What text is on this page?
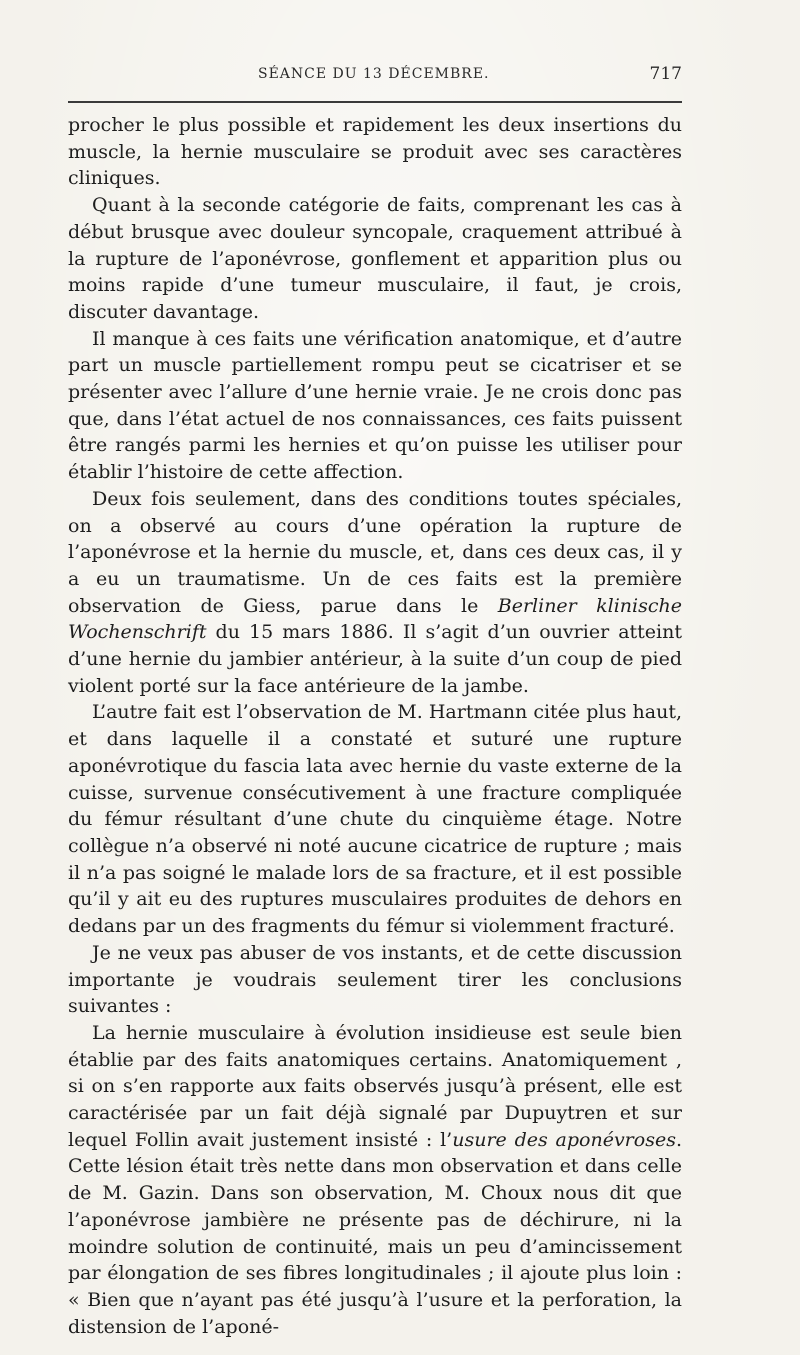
SÉANCE DU 13 DÉCEMBRE.	717

procher le plus possible et rapidement les deux insertions du muscle, la hernie musculaire se produit avec ses caractères cliniques.

Quant à la seconde catégorie de faits, comprenant les cas à début brusque avec douleur syncopale, craquement attribué à la rupture de l’aponévrose, gonflement et apparition plus ou moins rapide d’une tumeur musculaire, il faut, je crois, discuter davantage.

Il manque à ces faits une vérification anatomique, et d’autre part un muscle partiellement rompu peut se cicatriser et se présenter avec l’allure d’une hernie vraie. Je ne crois donc pas que, dans l’état actuel de nos connaissances, ces faits puissent être rangés parmi les hernies et qu’on puisse les utiliser pour établir l’histoire de cette affection.

Deux fois seulement, dans des conditions toutes spéciales, on a observé au cours d’une opération la rupture de l’aponévrose et la hernie du muscle, et, dans ces deux cas, il y a eu un traumatisme. Un de ces faits est la première observation de Giess, parue dans le Berliner klinische Wochenschrift du 15 mars 1886. Il s’agit d’un ouvrier atteint d’une hernie du jambier antérieur, à la suite d’un coup de pied violent porté sur la face antérieure de la jambe.

L’autre fait est l’observation de M. Hartmann citée plus haut, et dans laquelle il a constaté et suturé une rupture aponévrotique du fascia lata avec hernie du vaste externe de la cuisse, survenue consécutivement à une fracture compliquée du fémur résultant d’une chute du cinquième étage. Notre collègue n’a observé ni noté aucune cicatrice de rupture ; mais il n’a pas soigné le malade lors de sa fracture, et il est possible qu’il y ait eu des ruptures musculaires produites de dehors en dedans par un des fragments du fémur si violemment fracturé.

Je ne veux pas abuser de vos instants, et de cette discussion importante je voudrais seulement tirer les conclusions suivantes :

La hernie musculaire à évolution insidieuse est seule bien établie par des faits anatomiques certains. Anatomiquement , si on s’en rapporte aux faits observés jusqu’à présent, elle est caractérisée par un fait déjà signalé par Dupuytren et sur lequel Follin avait justement insisté : l’usure des aponévroses. Cette lésion était très nette dans mon observation et dans celle de M. Gazin. Dans son observation, M. Choux nous dit que l’aponévrose jambière ne présente pas de déchirure, ni la moindre solution de continuité, mais un peu d’amincissement par élongation de ses fibres longitudinales ; il ajoute plus loin : « Bien que n’ayant pas été jusqu’à l’usure et la perforation, la distension de l’aponé-
